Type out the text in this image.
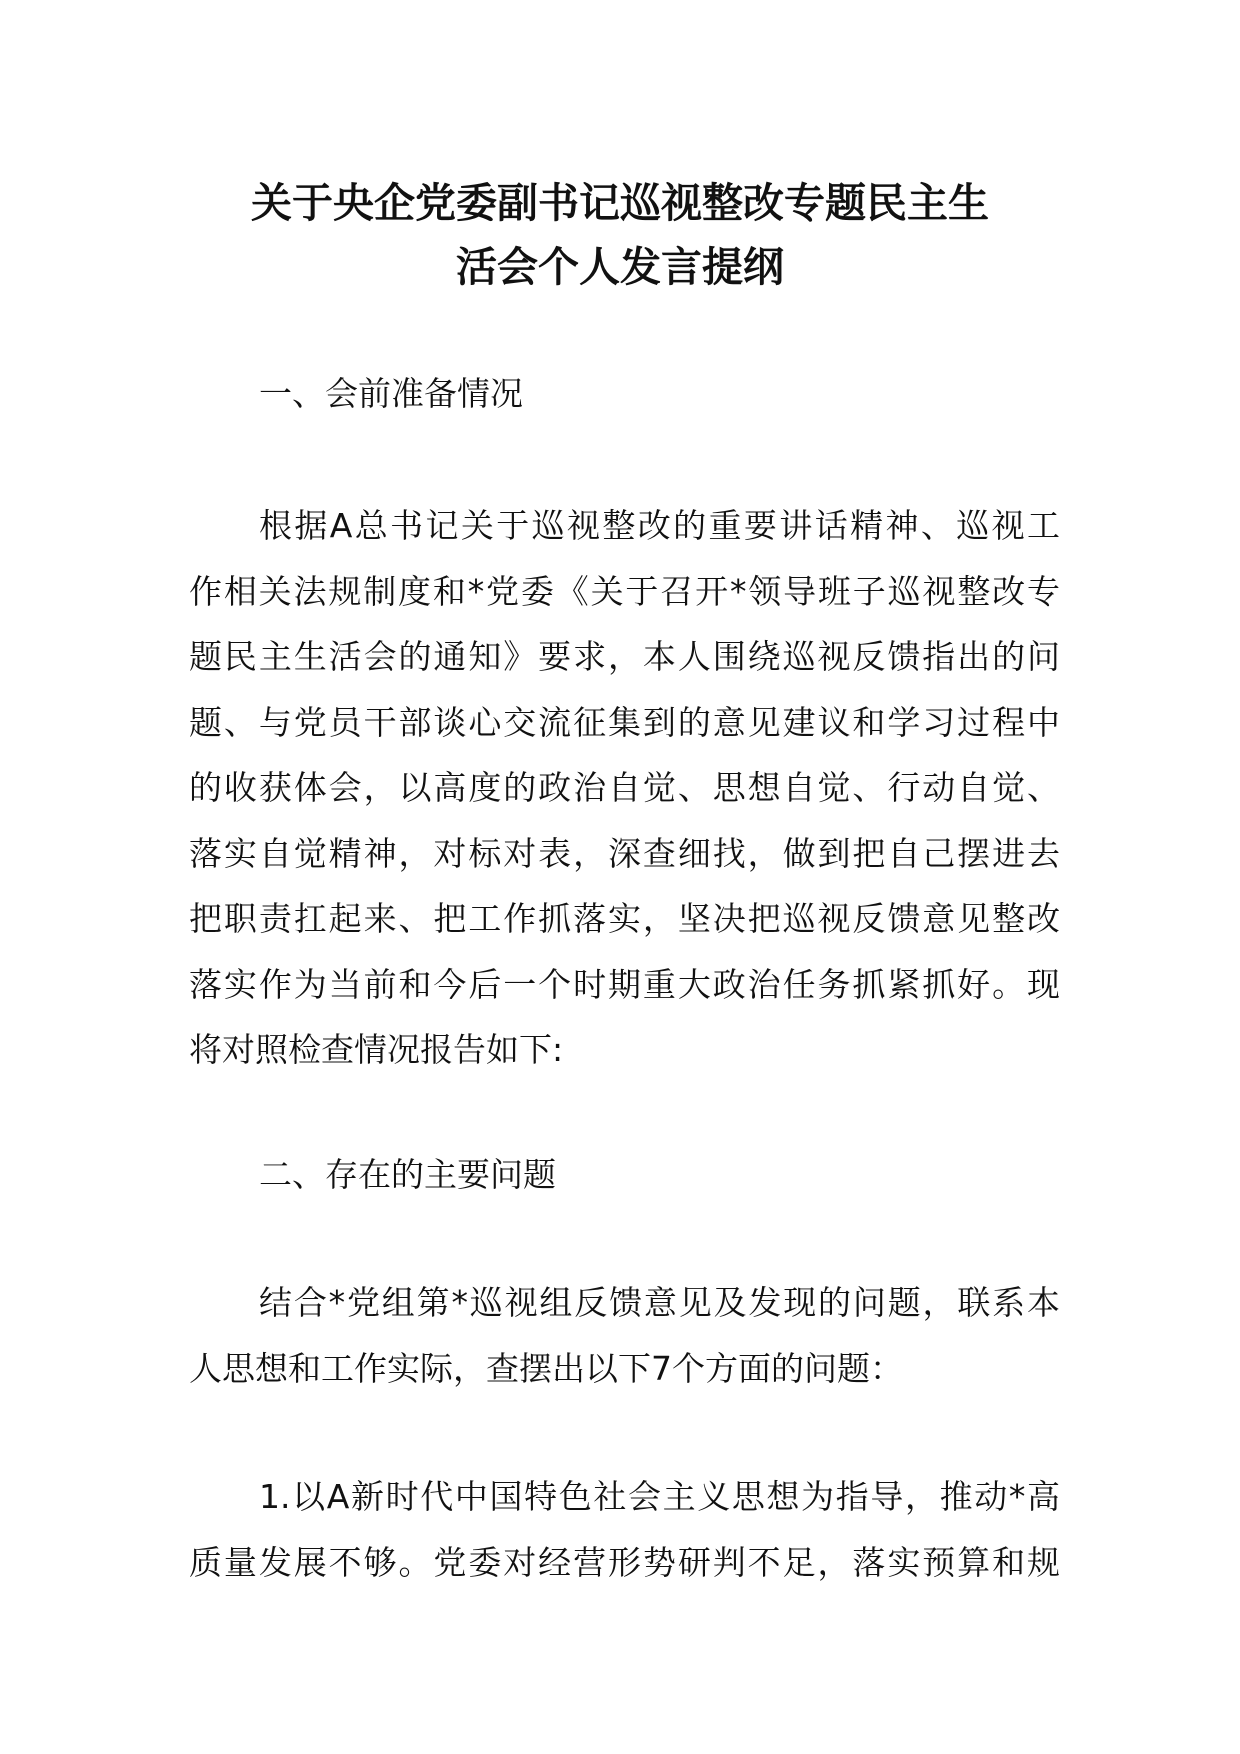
关于央企党委副书记巡视整改专题民主生
活会个人发言提纲
一、会前准备情况
根据A总书记关于巡视整改的重要讲话精神、巡视工
作相关法规制度和*党委《关于召开*领导班子巡视整改专
题民主生活会的通知》要求，本人围绕巡视反馈指出的问
题、与党员干部谈心交流征集到的意见建议和学习过程中
的收获体会，以高度的政治自觉、思想自觉、行动自觉、
落实自觉精神，对标对表，深查细找，做到把自己摆进去
把职责扛起来、把工作抓落实，坚决把巡视反馈意见整改
落实作为当前和今后一个时期重大政治任务抓紧抓好。现
将对照检查情况报告如下:
二、存在的主要问题
结合*党组第*巡视组反馈意见及发现的问题，联系本
人思想和工作实际，查摆出以下7个方面的问题：
1.以A新时代中国特色社会主义思想为指导，推动*高
质量发展不够。党委对经营形势研判不足，落实预算和规
